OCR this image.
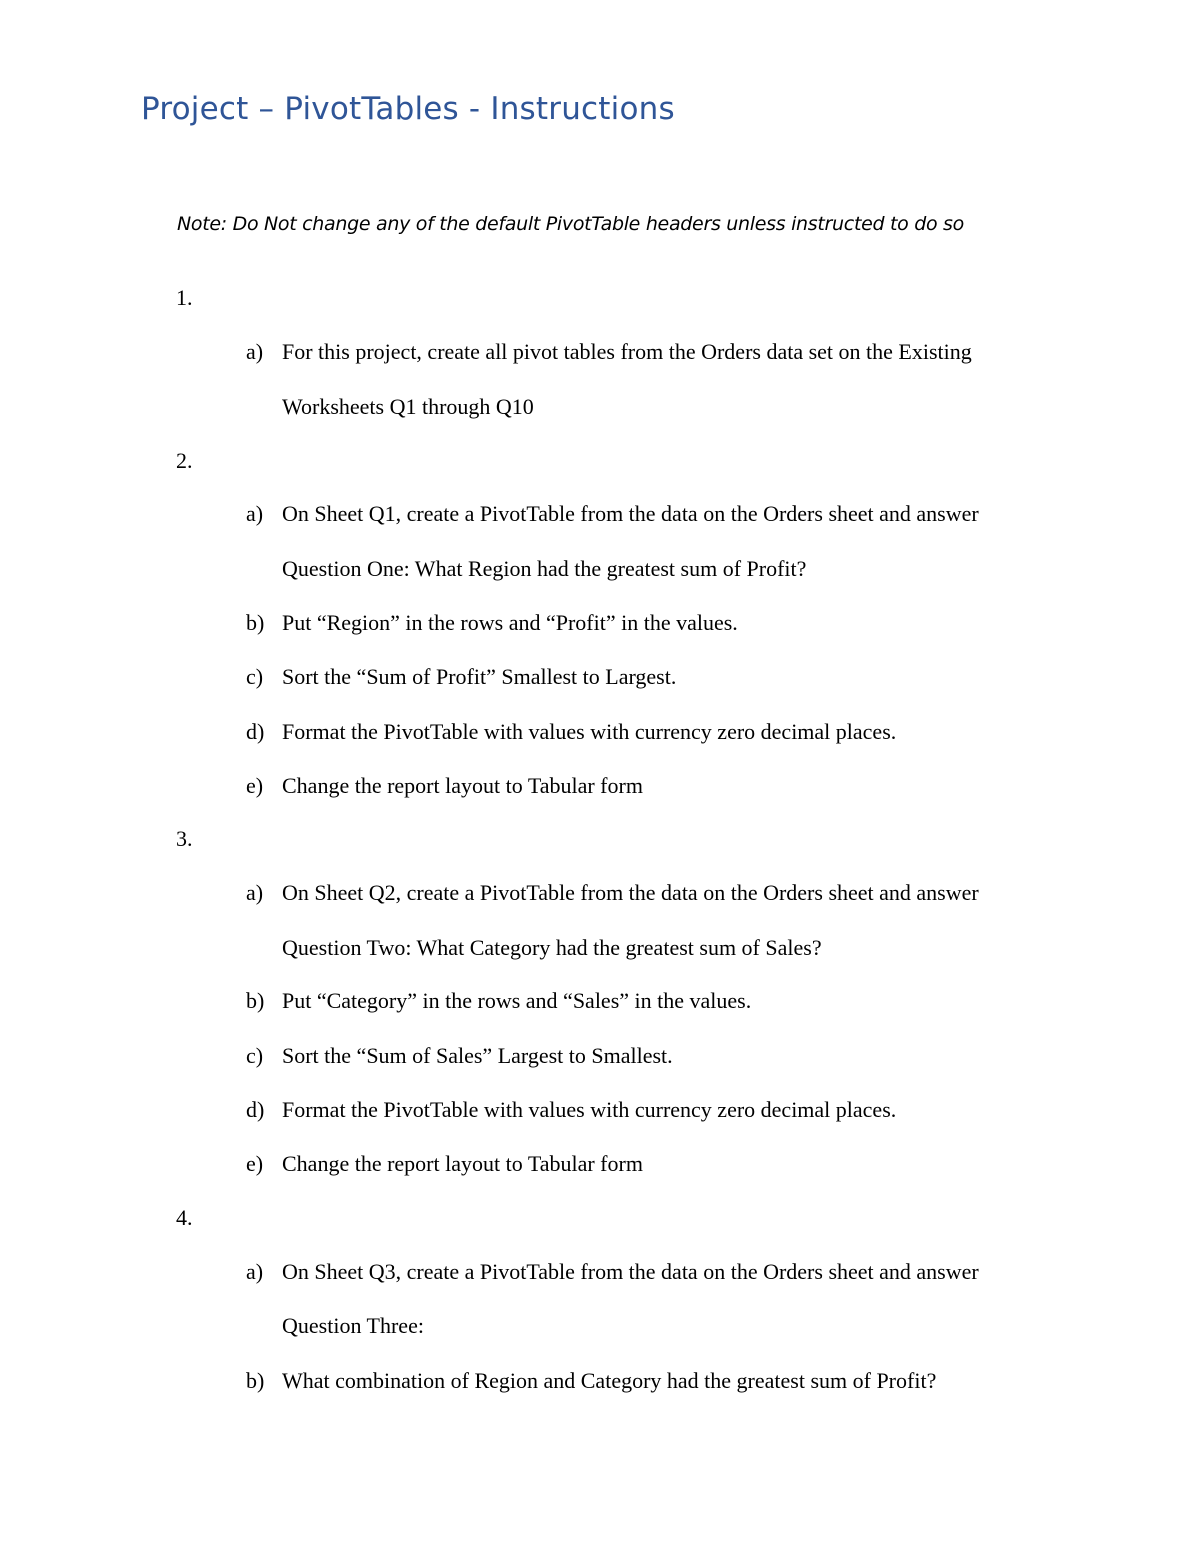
Project – PivotTables - Instructions
Note: Do Not change any of the default PivotTable headers unless instructed to do so
1.
a) For this project, create all pivot tables from the Orders data set on the Existing
Worksheets Q1 through Q10
2.
a) On Sheet Q1, create a PivotTable from the data on the Orders sheet and answer
Question One: What Region had the greatest sum of Profit?
b) Put “Region” in the rows and “Profit” in the values.
c) Sort the “Sum of Profit” Smallest to Largest.
d) Format the PivotTable with values with currency zero decimal places.
e) Change the report layout to Tabular form
3.
a) On Sheet Q2, create a PivotTable from the data on the Orders sheet and answer
Question Two: What Category had the greatest sum of Sales?
b) Put “Category” in the rows and “Sales” in the values.
c) Sort the “Sum of Sales” Largest to Smallest.
d) Format the PivotTable with values with currency zero decimal places.
e) Change the report layout to Tabular form
4.
a) On Sheet Q3, create a PivotTable from the data on the Orders sheet and answer
Question Three:
b) What combination of Region and Category had the greatest sum of Profit?
